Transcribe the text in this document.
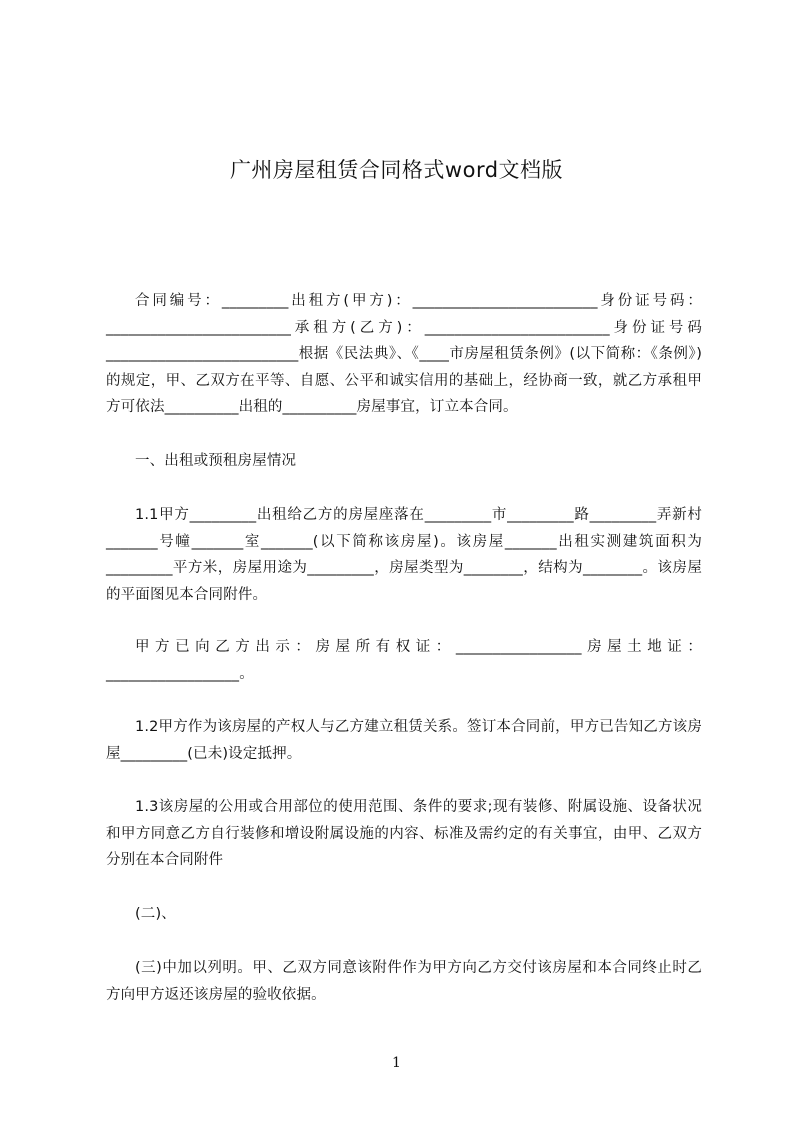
广州房屋租赁合同格式word文档版

合同编号：_________出租方(甲方)：_________________________身份证号码：_________________________承租方(乙方)：_________________________身份证号码__________________________根据《民法典》、《____市房屋租赁条例》(以下简称：《条例》)的规定，甲、乙双方在平等、自愿、公平和诚实信用的基础上，经协商一致，就乙方承租甲方可依法__________出租的__________房屋事宜，订立本合同。

一、出租或预租房屋情况

1.1甲方_________出租给乙方的房屋座落在_________市_________路_________弄新村_______号幢_______室_______(以下简称该房屋)。该房屋_______出租实测建筑面积为_________平方米，房屋用途为_________，房屋类型为________，结构为________。该房屋的平面图见本合同附件。

甲方已向乙方出示：房屋所有权证：_________________房屋土地证：__________________。

1.2甲方作为该房屋的产权人与乙方建立租赁关系。签订本合同前，甲方已告知乙方该房屋_________(已未)设定抵押。

1.3该房屋的公用或合用部位的使用范围、条件的要求;现有装修、附属设施、设备状况和甲方同意乙方自行装修和增设附属设施的内容、标准及需约定的有关事宜，由甲、乙双方分别在本合同附件

(二)、

(三)中加以列明。甲、乙双方同意该附件作为甲方向乙方交付该房屋和本合同终止时乙方向甲方返还该房屋的验收依据。

1
